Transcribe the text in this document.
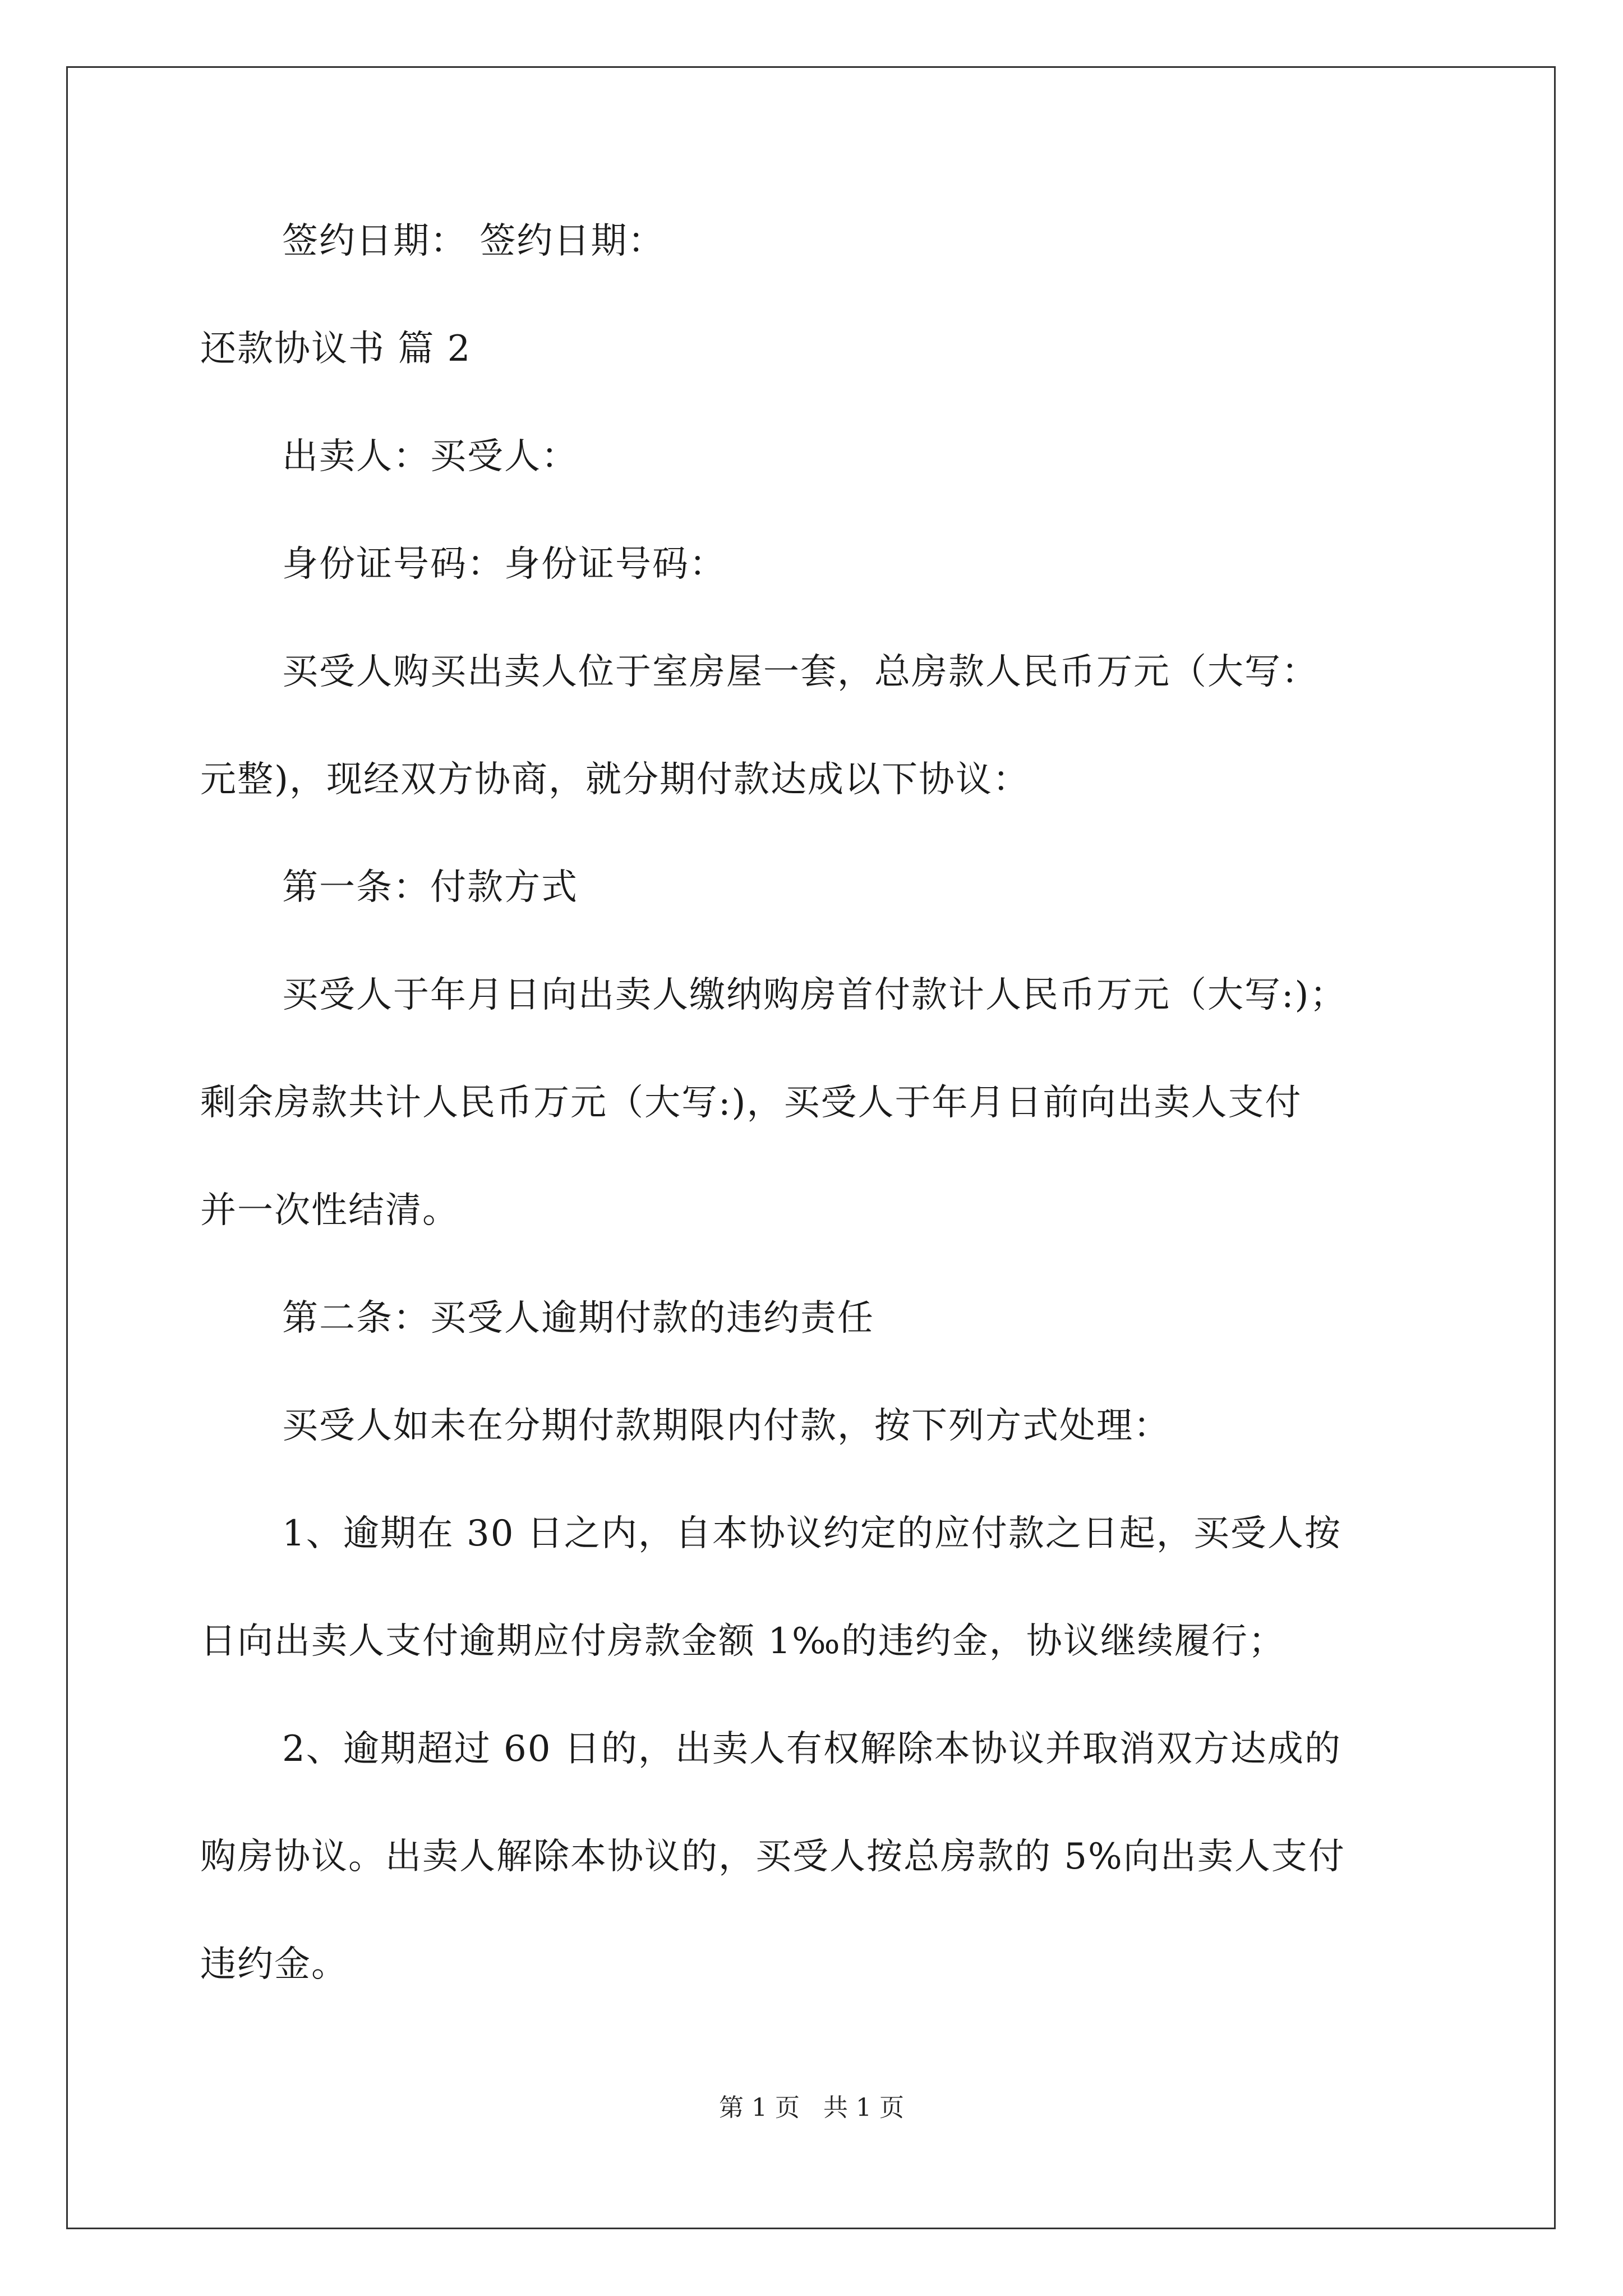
签约日期： 签约日期：
还款协议书 篇 2
出卖人：买受人：
身份证号码：身份证号码：
买受人购买出卖人位于室房屋一套，总房款人民币万元（大写：
元整)，现经双方协商，就分期付款达成以下协议：
第一条：付款方式
买受人于年月日向出卖人缴纳购房首付款计人民币万元（大写:)；
剩余房款共计人民币万元（大写:)，买受人于年月日前向出卖人支付
并一次性结清。
第二条：买受人逾期付款的违约责任
买受人如未在分期付款期限内付款，按下列方式处理：
1、逾期在 30 日之内，自本协议约定的应付款之日起，买受人按
日向出卖人支付逾期应付房款金额 1‰的违约金，协议继续履行；
2、逾期超过 60 日的，出卖人有权解除本协议并取消双方达成的
购房协议。出卖人解除本协议的，买受人按总房款的 5%向出卖人支付
违约金。
第 1 页   共 1 页
